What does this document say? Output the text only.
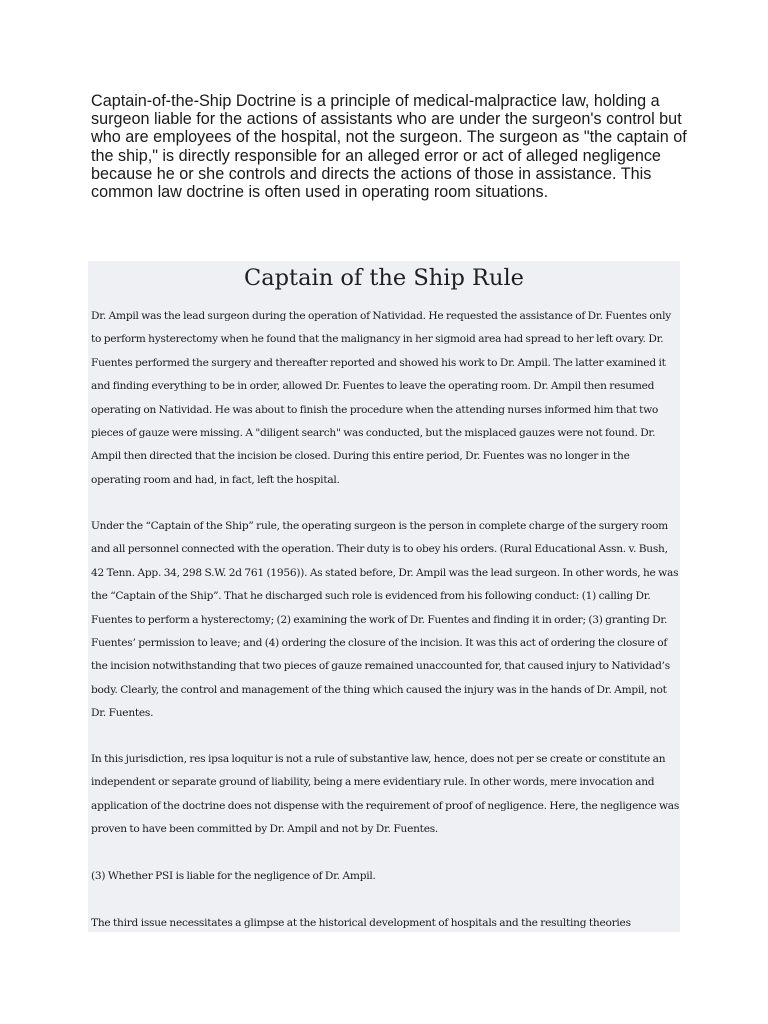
Captain-of-the-Ship Doctrine is a principle of medical-malpractice law, holding a surgeon liable for the actions of assistants who are under the surgeon's control but who are employees of the hospital, not the surgeon. The surgeon as "the captain of the ship," is directly responsible for an alleged error or act of alleged negligence because he or she controls and directs the actions of those in assistance. This common law doctrine is often used in operating room situations.

Captain of the Ship Rule

Dr. Ampil was the lead surgeon during the operation of Natividad. He requested the assistance of Dr. Fuentes only to perform hysterectomy when he found that the malignancy in her sigmoid area had spread to her left ovary. Dr. Fuentes performed the surgery and thereafter reported and showed his work to Dr. Ampil. The latter examined it and finding everything to be in order, allowed Dr. Fuentes to leave the operating room. Dr. Ampil then resumed operating on Natividad. He was about to finish the procedure when the attending nurses informed him that two pieces of gauze were missing. A "diligent search" was conducted, but the misplaced gauzes were not found. Dr. Ampil then directed that the incision be closed. During this entire period, Dr. Fuentes was no longer in the operating room and had, in fact, left the hospital.

Under the “Captain of the Ship” rule, the operating surgeon is the person in complete charge of the surgery room and all personnel connected with the operation. Their duty is to obey his orders. (Rural Educational Assn. v. Bush, 42 Tenn. App. 34, 298 S.W. 2d 761 (1956)). As stated before, Dr. Ampil was the lead surgeon. In other words, he was the “Captain of the Ship”. That he discharged such role is evidenced from his following conduct: (1) calling Dr. Fuentes to perform a hysterectomy; (2) examining the work of Dr. Fuentes and finding it in order; (3) granting Dr. Fuentes’ permission to leave; and (4) ordering the closure of the incision. It was this act of ordering the closure of the incision notwithstanding that two pieces of gauze remained unaccounted for, that caused injury to Natividad’s body. Clearly, the control and management of the thing which caused the injury was in the hands of Dr. Ampil, not Dr. Fuentes.

In this jurisdiction, res ipsa loquitur is not a rule of substantive law, hence, does not per se create or constitute an independent or separate ground of liability, being a mere evidentiary rule. In other words, mere invocation and application of the doctrine does not dispense with the requirement of proof of negligence. Here, the negligence was proven to have been committed by Dr. Ampil and not by Dr. Fuentes.

(3) Whether PSI is liable for the negligence of Dr. Ampil.

The third issue necessitates a glimpse at the historical development of hospitals and the resulting theories
